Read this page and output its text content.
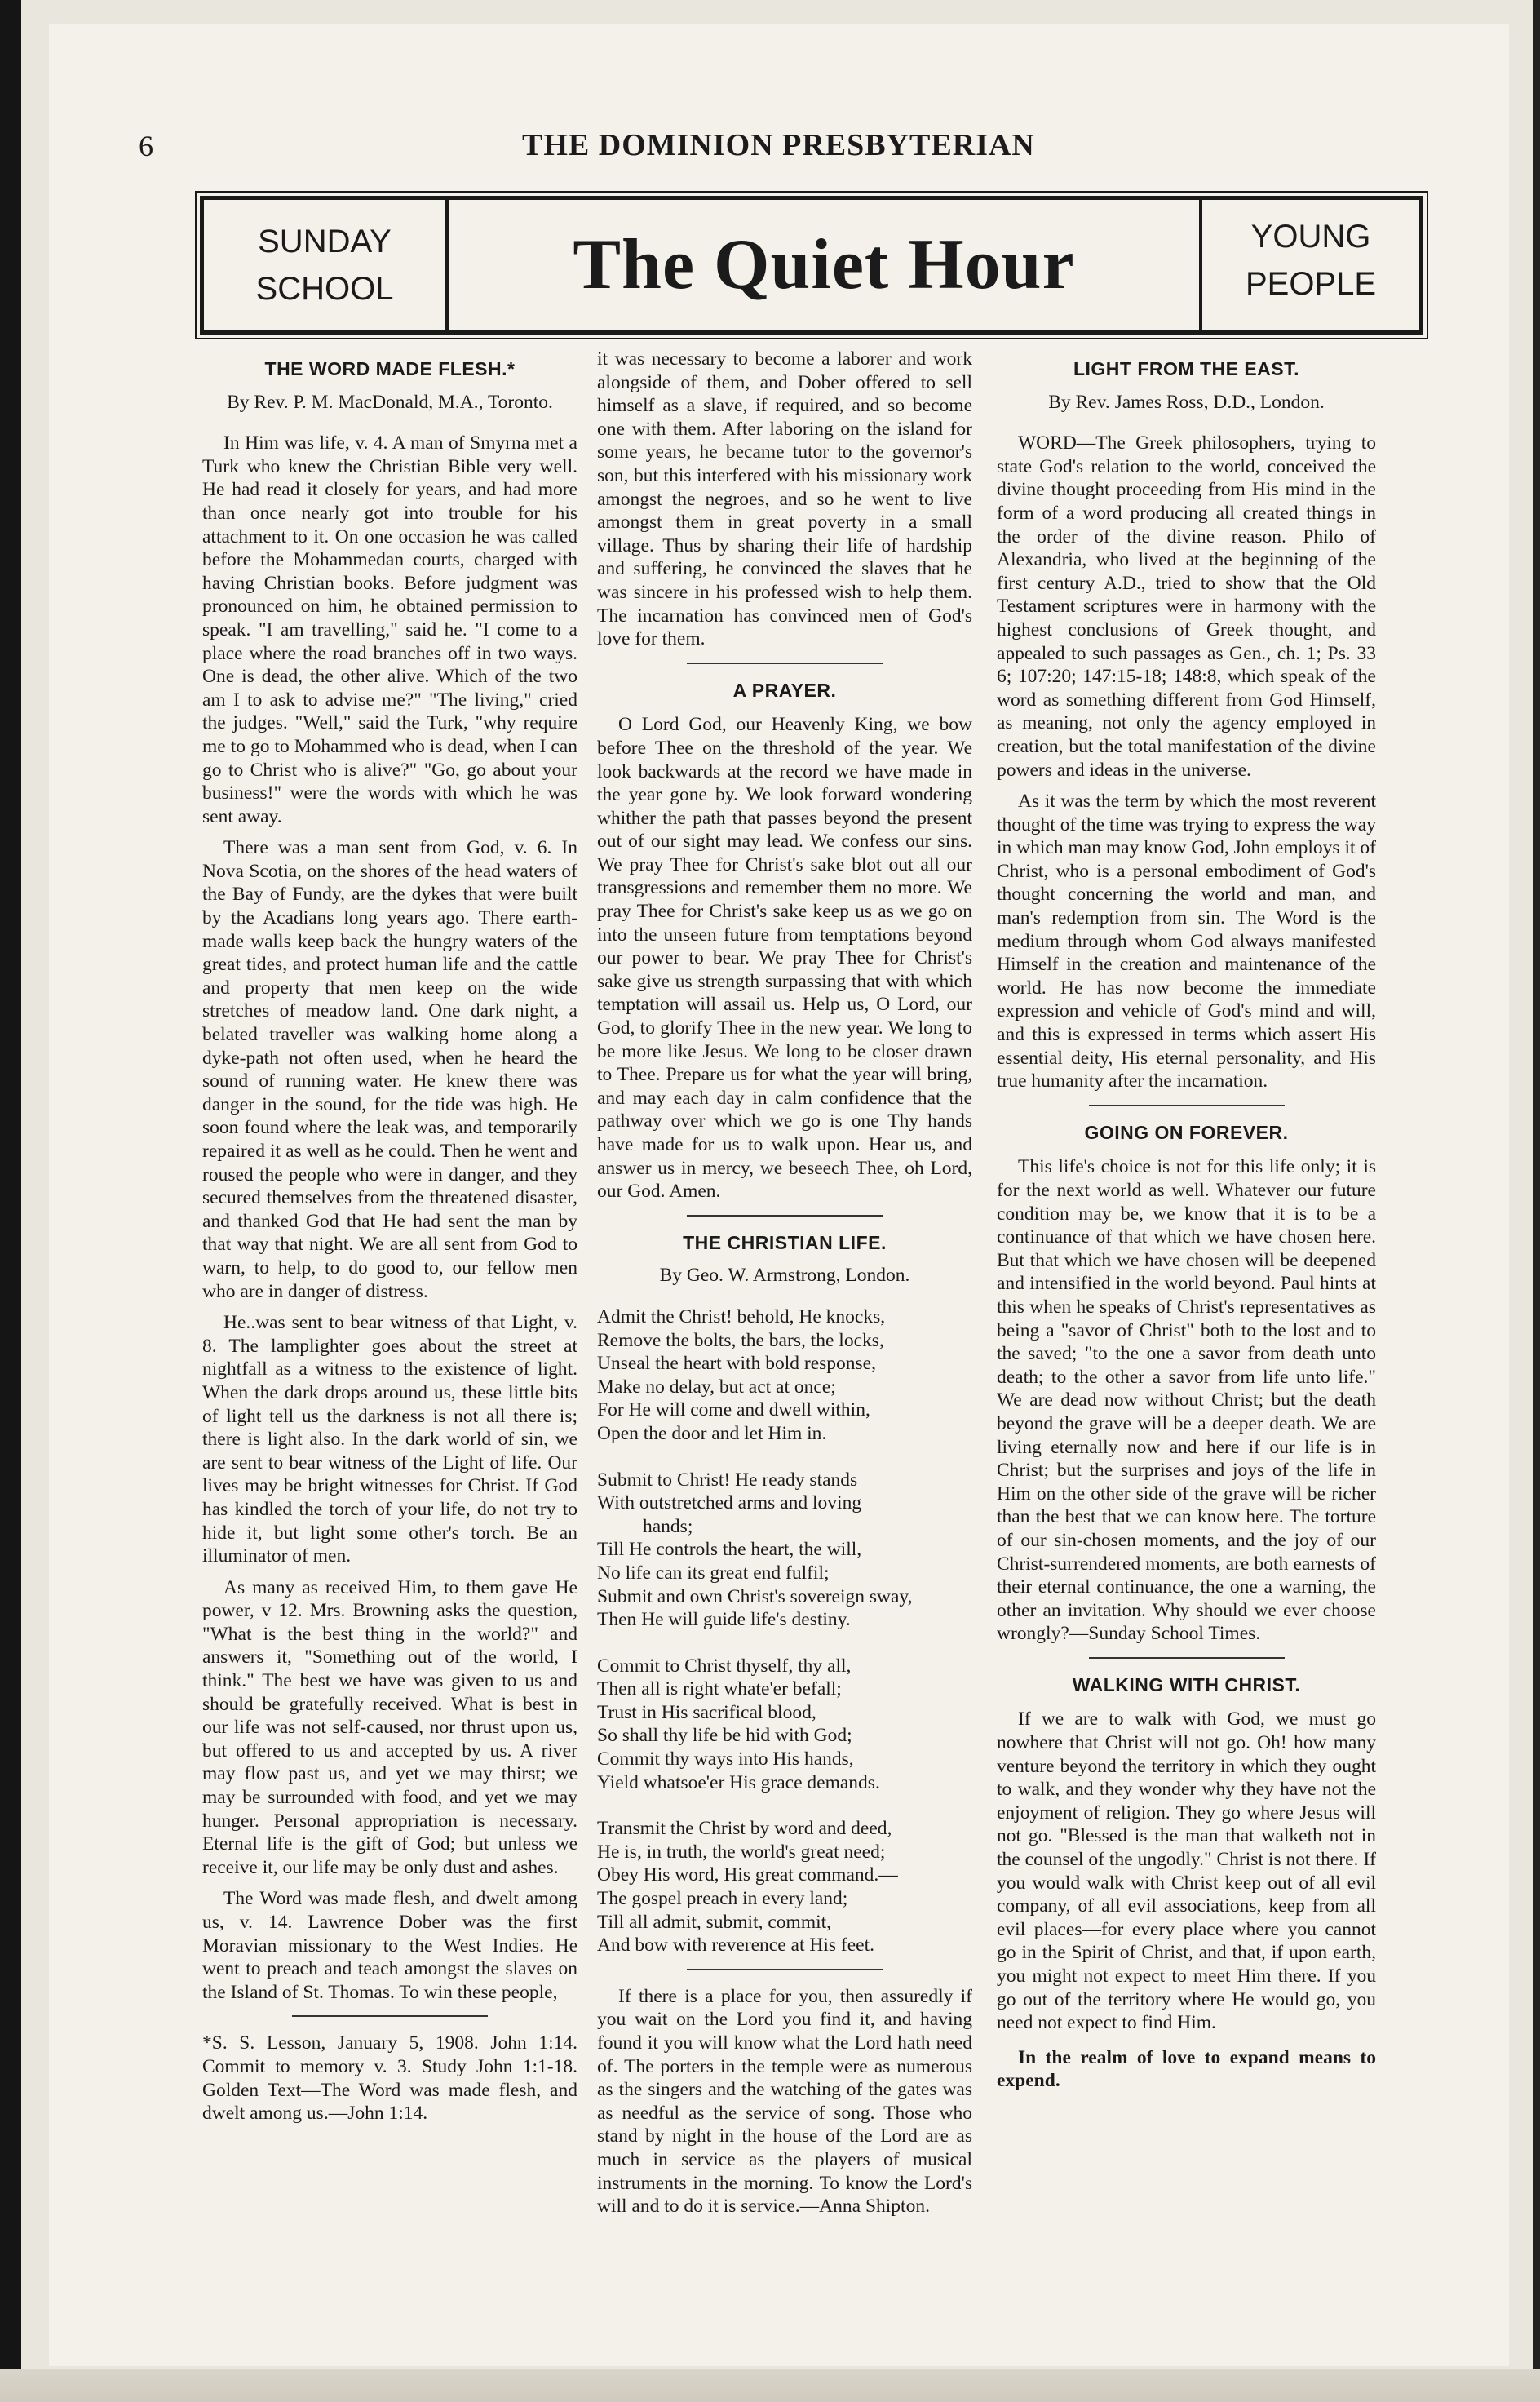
6	THE DOMINION PRESBYTERIAN
SUNDAY
SCHOOL	The Quiet Hour	YOUNG
PEOPLE
THE WORD MADE FLESH.*

By Rev. P. M. MacDonald, M.A., Toronto.

In Him was life, v. 4. A man of Smyrna met a Turk who knew the Christian Bible very well. He had read it closely for years, and had more than once nearly got into trouble for his attachment to it. On one occasion he was called before the Mohammedan courts, charged with having Christian books. Before judgment was pronounced on him, he obtained permission to speak. "I am travelling," said he. "I come to a place where the road branches off in two ways. One is dead, the other alive. Which of the two am I to ask to advise me?" "The living," cried the judges. "Well," said the Turk, "why require me to go to Mohammed who is dead, when I can go to Christ who is alive?" "Go, go about your business!" were the words with which he was sent away.

There was a man sent from God, v. 6. In Nova Scotia, on the shores of the head waters of the Bay of Fundy, are the dykes that were built by the Acadians long years ago. There earth-made walls keep back the hungry waters of the great tides, and protect human life and the cattle and property that men keep on the wide stretches of meadow land. One dark night, a belated traveller was walking home along a dyke-path not often used, when he heard the sound of running water. He knew there was danger in the sound, for the tide was high. He soon found where the leak was, and temporarily repaired it as well as he could. Then he went and roused the people who were in danger, and they secured themselves from the threatened disaster, and thanked God that He had sent the man by that way that night. We are all sent from God to warn, to help, to do good to, our fellow men who are in danger of distress.

He..was sent to bear witness of that Light, v. 8. The lamplighter goes about the street at nightfall as a witness to the existence of light. When the dark drops around us, these little bits of light tell us the darkness is not all there is; there is light also. In the dark world of sin, we are sent to bear witness of the Light of life. Our lives may be bright witnesses for Christ. If God has kindled the torch of your life, do not try to hide it, but light some other's torch. Be an illuminator of men.

As many as received Him, to them gave He power, v 12. Mrs. Browning asks the question, "What is the best thing in the world?" and answers it, "Something out of the world, I think." The best we have was given to us and should be gratefully received. What is best in our life was not self-caused, nor thrust upon us, but offered to us and accepted by us. A river may flow past us, and yet we may thirst; we may be surrounded with food, and yet we may hunger. Personal appropriation is necessary. Eternal life is the gift of God; but unless we receive it, our life may be only dust and ashes.

The Word was made flesh, and dwelt among us, v. 14. Lawrence Dober was the first Moravian missionary to the West Indies. He went to preach and teach amongst the slaves on the Island of St. Thomas. To win these people,

*S. S. Lesson, January 5, 1908. John 1:14. Commit to memory v. 3. Study John 1:1-18. Golden Text—The Word was made flesh, and dwelt among us.—John 1:14.

it was necessary to become a laborer and work alongside of them, and Dober offered to sell himself as a slave, if required, and so become one with them. After laboring on the island for some years, he became tutor to the governor's son, but this interfered with his missionary work amongst the negroes, and so he went to live amongst them in great poverty in a small village. Thus by sharing their life of hardship and suffering, he convinced the slaves that he was sincere in his professed wish to help them. The incarnation has convinced men of God's love for them.

A PRAYER.

O Lord God, our Heavenly King, we bow before Thee on the threshold of the year. We look backwards at the record we have made in the year gone by. We look forward wondering whither the path that passes beyond the present out of our sight may lead. We confess our sins. We pray Thee for Christ's sake blot out all our transgressions and remember them no more. We pray Thee for Christ's sake keep us as we go on into the unseen future from temptations beyond our power to bear. We pray Thee for Christ's sake give us strength surpassing that with which temptation will assail us. Help us, O Lord, our God, to glorify Thee in the new year. We long to be more like Jesus. We long to be closer drawn to Thee. Prepare us for what the year will bring, and may each day in calm confidence that the pathway over which we go is one Thy hands have made for us to walk upon. Hear us, and answer us in mercy, we beseech Thee, oh Lord, our God. Amen.

THE CHRISTIAN LIFE.

By Geo. W. Armstrong, London.

Admit the Christ! behold, He knocks,
Remove the bolts, the bars, the locks,
Unseal the heart with bold response,
Make no delay, but act at once;
For He will come and dwell within,
Open the door and let Him in.
Submit to Christ! He ready stands
With outstretched arms and loving
hands;
Till He controls the heart, the will,
No life can its great end fulfil;
Submit and own Christ's sovereign sway,
Then He will guide life's destiny.
Commit to Christ thyself, thy all,
Then all is right whate'er befall;
Trust in His sacrifical blood,
So shall thy life be hid with God;
Commit thy ways into His hands,
Yield whatsoe'er His grace demands.
Transmit the Christ by word and deed,
He is, in truth, the world's great need;
Obey His word, His great command.—
The gospel preach in every land;
Till all admit, submit, commit,
And bow with reverence at His feet.

If there is a place for you, then assuredly if you wait on the Lord you find it, and having found it you will know what the Lord hath need of. The porters in the temple were as numerous as the singers and the watching of the gates was as needful as the service of song. Those who stand by night in the house of the Lord are as much in service as the players of musical instruments in the morning. To know the Lord's will and to do it is service.—Anna Shipton.

LIGHT FROM THE EAST.

By Rev. James Ross, D.D., London.

WORD—The Greek philosophers, trying to state God's relation to the world, conceived the divine thought proceeding from His mind in the form of a word producing all created things in the order of the divine reason. Philo of Alexandria, who lived at the beginning of the first century A.D., tried to show that the Old Testament scriptures were in harmony with the highest conclusions of Greek thought, and appealed to such passages as Gen., ch. 1; Ps. 33 6; 107:20; 147:15-18; 148:8, which speak of the word as something different from God Himself, as meaning, not only the agency employed in creation, but the total manifestation of the divine powers and ideas in the universe.

As it was the term by which the most reverent thought of the time was trying to express the way in which man may know God, John employs it of Christ, who is a personal embodiment of God's thought concerning the world and man, and man's redemption from sin. The Word is the medium through whom God always manifested Himself in the creation and maintenance of the world. He has now become the immediate expression and vehicle of God's mind and will, and this is expressed in terms which assert His essential deity, His eternal personality, and His true humanity after the incarnation.

GOING ON FOREVER.

This life's choice is not for this life only; it is for the next world as well. Whatever our future condition may be, we know that it is to be a continuance of that which we have chosen here. But that which we have chosen will be deepened and intensified in the world beyond. Paul hints at this when he speaks of Christ's representatives as being a "savor of Christ" both to the lost and to the saved; "to the one a savor from death unto death; to the other a savor from life unto life." We are dead now without Christ; but the death beyond the grave will be a deeper death. We are living eternally now and here if our life is in Christ; but the surprises and joys of the life in Him on the other side of the grave will be richer than the best that we can know here. The torture of our sin-chosen moments, and the joy of our Christ-surrendered moments, are both earnests of their eternal continuance, the one a warning, the other an invitation. Why should we ever choose wrongly?—Sunday School Times.

WALKING WITH CHRIST.

If we are to walk with God, we must go nowhere that Christ will not go. Oh! how many venture beyond the territory in which they ought to walk, and they wonder why they have not the enjoyment of religion. They go where Jesus will not go. "Blessed is the man that walketh not in the counsel of the ungodly." Christ is not there. If you would walk with Christ keep out of all evil company, of all evil associations, keep from all evil places—for every place where you cannot go in the Spirit of Christ, and that, if upon earth, you might not expect to meet Him there. If you go out of the territory where He would go, you need not expect to find Him.

In the realm of love to expand means to expend.
